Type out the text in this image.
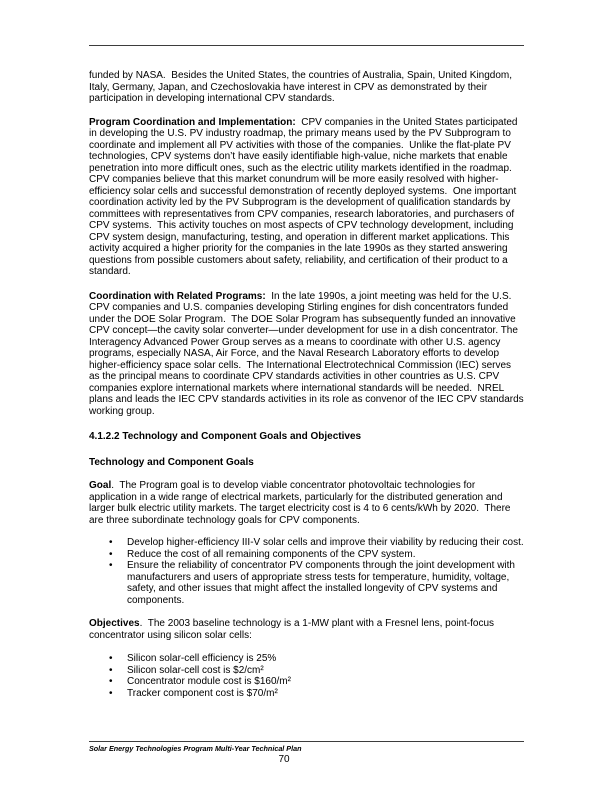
funded by NASA.  Besides the United States, the countries of Australia, Spain, United Kingdom, Italy, Germany, Japan, and Czechoslovakia have interest in CPV as demonstrated by their participation in developing international CPV standards.

Program Coordination and Implementation:  CPV companies in the United States participated in developing the U.S. PV industry roadmap, the primary means used by the PV Subprogram to coordinate and implement all PV activities with those of the companies.  Unlike the flat-plate PV technologies, CPV systems don’t have easily identifiable high-value, niche markets that enable penetration into more difficult ones, such as the electric utility markets identified in the roadmap. CPV companies believe that this market conundrum will be more easily resolved with higher-efficiency solar cells and successful demonstration of recently deployed systems.  One important coordination activity led by the PV Subprogram is the development of qualification standards by committees with representatives from CPV companies, research laboratories, and purchasers of CPV systems.  This activity touches on most aspects of CPV technology development, including CPV system design, manufacturing, testing, and operation in different market applications. This activity acquired a higher priority for the companies in the late 1990s as they started answering questions from possible customers about safety, reliability, and certification of their product to a standard.

Coordination with Related Programs:  In the late 1990s, a joint meeting was held for the U.S. CPV companies and U.S. companies developing Stirling engines for dish concentrators funded under the DOE Solar Program.  The DOE Solar Program has subsequently funded an innovative CPV concept—the cavity solar converter—under development for use in a dish concentrator. The Interagency Advanced Power Group serves as a means to coordinate with other U.S. agency programs, especially NASA, Air Force, and the Naval Research Laboratory efforts to develop higher-efficiency space solar cells.  The International Electrotechnical Commission (IEC) serves as the principal means to coordinate CPV standards activities in other countries as U.S. CPV companies explore international markets where international standards will be needed.  NREL plans and leads the IEC CPV standards activities in its role as convenor of the IEC CPV standards working group.

4.1.2.2 Technology and Component Goals and Objectives
Technology and Component Goals

Goal.  The Program goal is to develop viable concentrator photovoltaic technologies for application in a wide range of electrical markets, particularly for the distributed generation and larger bulk electric utility markets. The target electricity cost is 4 to 6 cents/kWh by 2020.  There are three subordinate technology goals for CPV components.

• Develop higher-efficiency III-V solar cells and improve their viability by reducing their cost.
• Reduce the cost of all remaining components of the CPV system.
• Ensure the reliability of concentrator PV components through the joint development with manufacturers and users of appropriate stress tests for temperature, humidity, voltage, safety, and other issues that might affect the installed longevity of CPV systems and components.

Objectives.  The 2003 baseline technology is a 1-MW plant with a Fresnel lens, point-focus concentrator using silicon solar cells:

• Silicon solar-cell efficiency is 25%
• Silicon solar-cell cost is $2/cm²
• Concentrator module cost is $160/m²
• Tracker component cost is $70/m²
Solar Energy Technologies Program Multi-Year Technical Plan
70
